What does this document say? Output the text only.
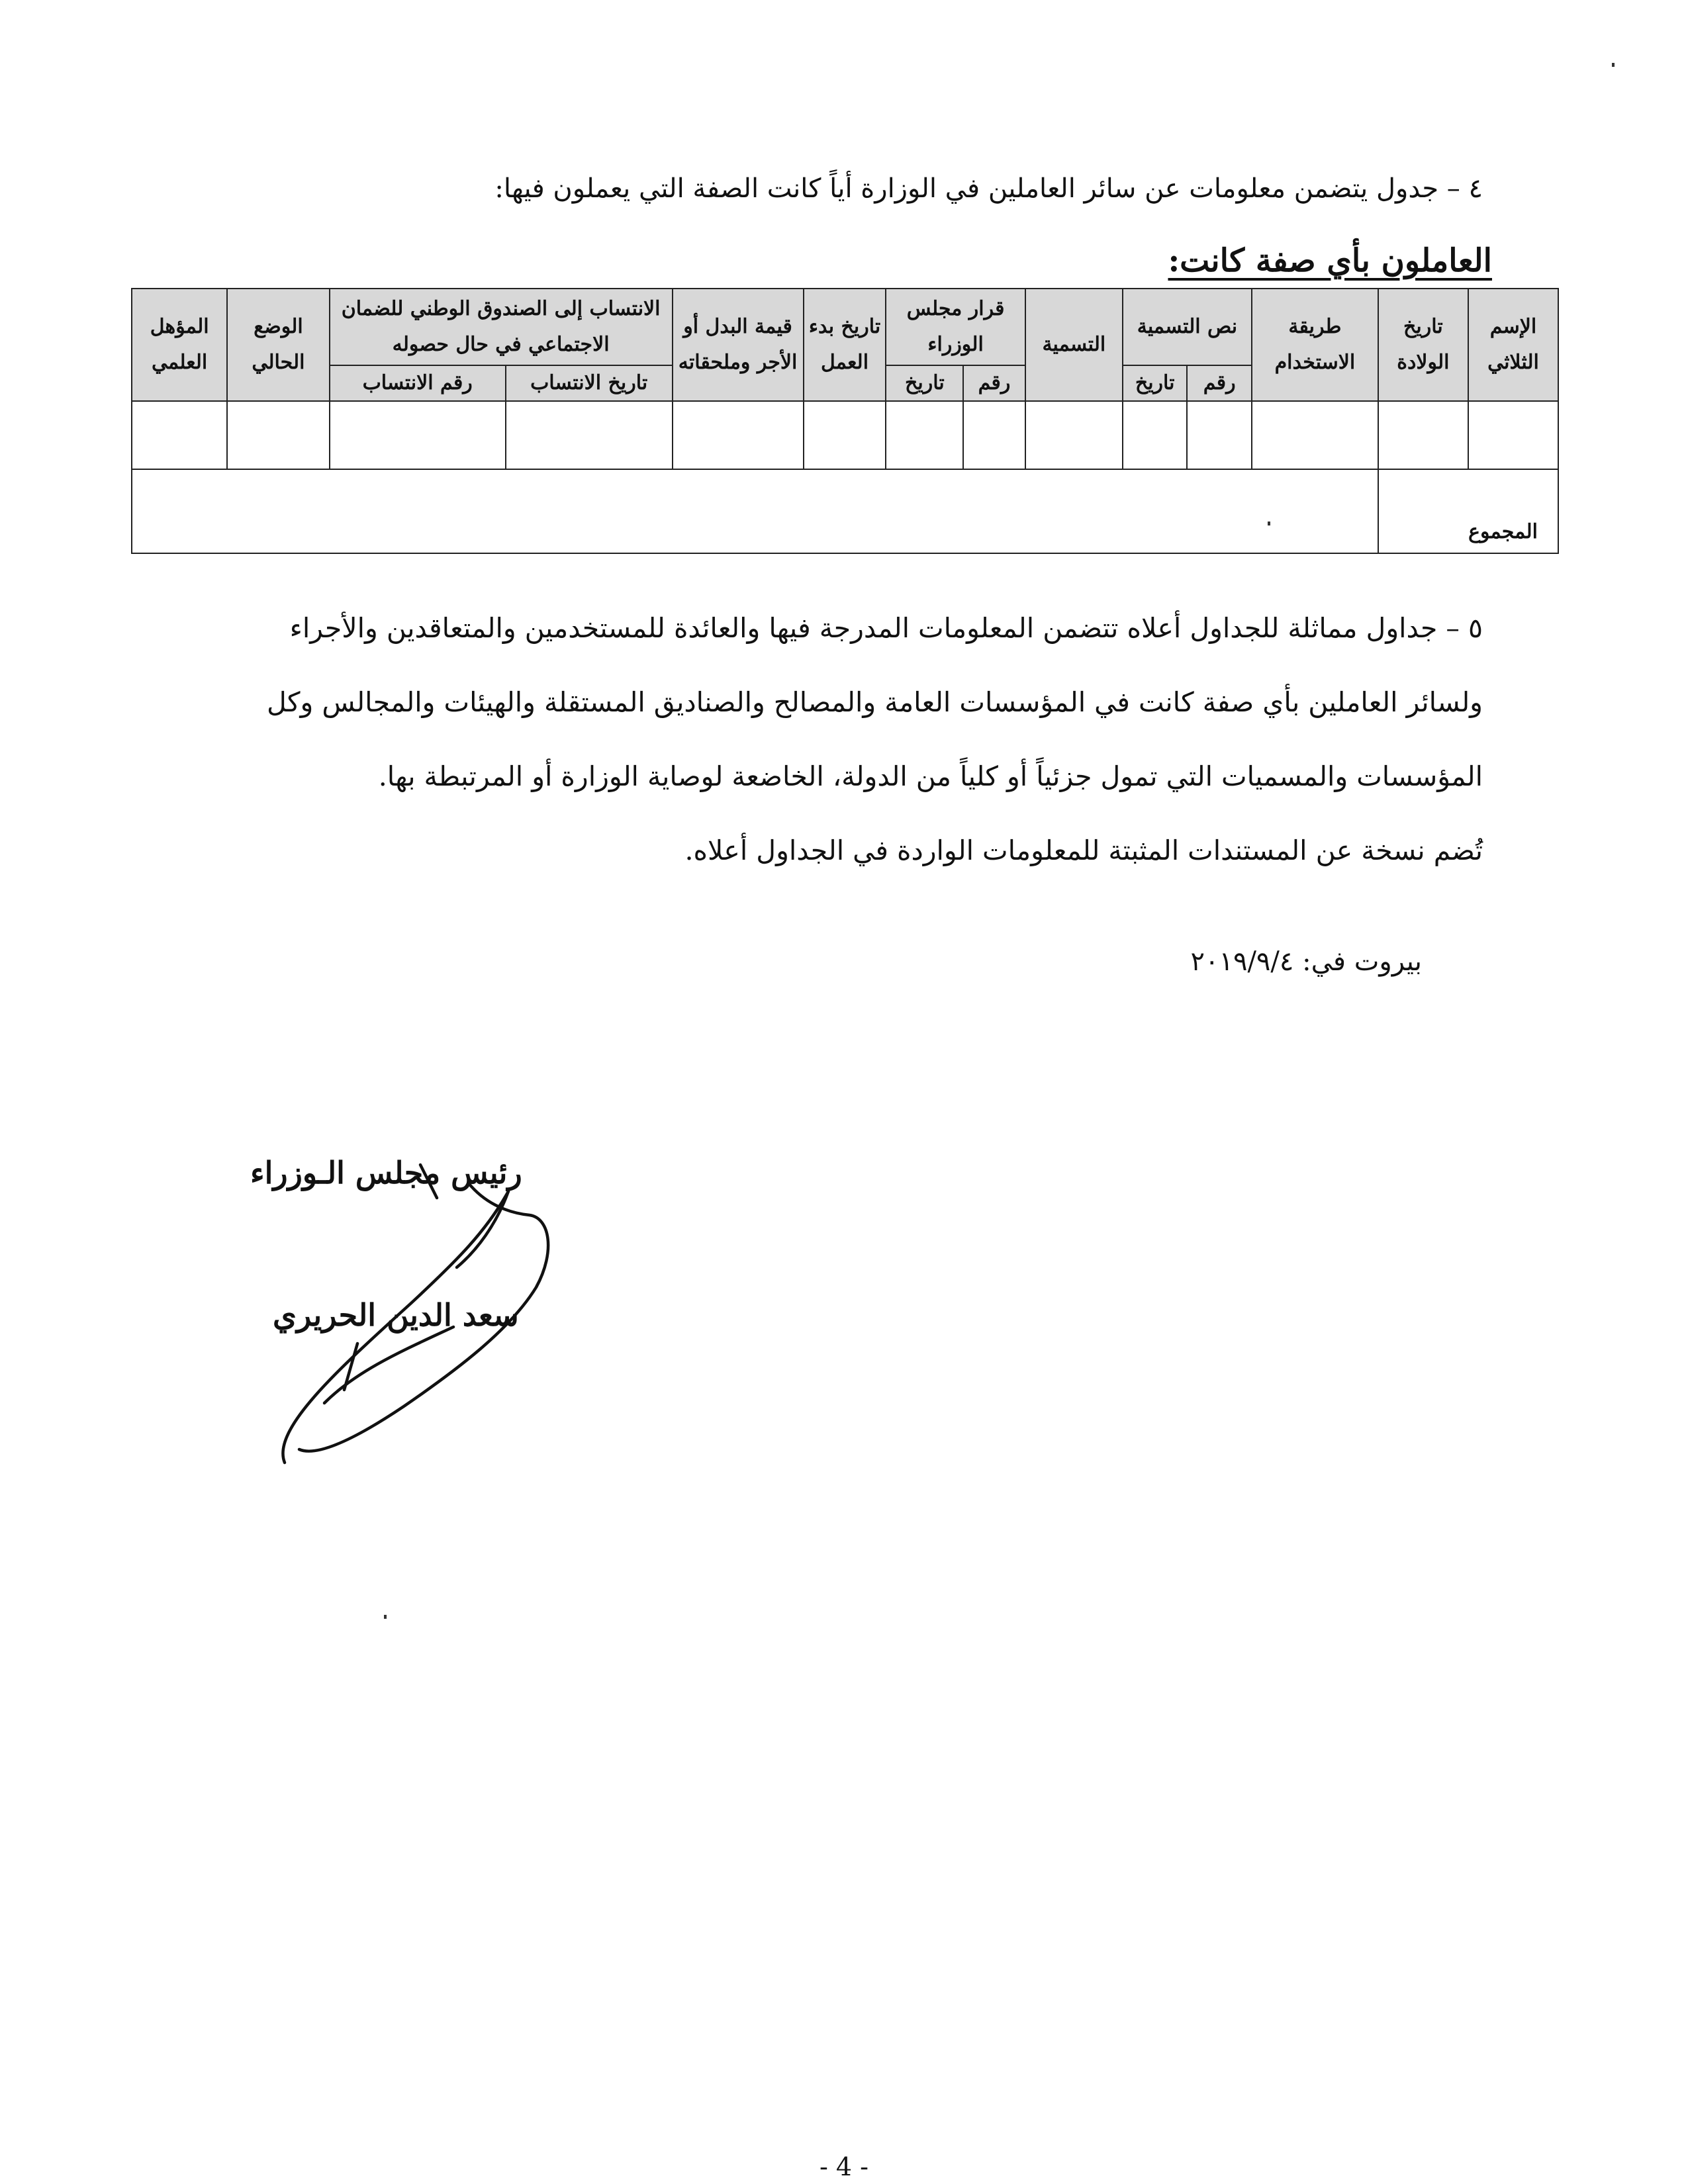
٤ – جدول يتضمن معلومات عن سائر العاملين في الوزارة أياً كانت الصفة التي يعملون فيها:
العاملون بأي صفة كانت:
الإسم الثلاثي	تاريخ الولادة	طريقة الاستخدام	نص التسمية		التسمية	قرار مجلس الوزراء		تاريخ بدء العمل	قيمة البدل أو الأجر وملحقاته	الانتساب إلى الصندوق الوطني للضمان الاجتماعي في حال حصوله		الوضع الحالي	المؤهل العلمي
			رقم	تاريخ		رقم	تاريخ			تاريخ الانتساب	رقم الانتساب		

المجموع													

٥ – جداول مماثلة للجداول أعلاه تتضمن المعلومات المدرجة فيها والعائدة للمستخدمين والمتعاقدين والأجراء

ولسائر العاملين بأي صفة كانت في المؤسسات العامة والمصالح والصناديق المستقلة والهيئات والمجالس وكل

المؤسسات والمسميات التي تمول جزئياً أو كلياً من الدولة، الخاضعة لوصاية الوزارة أو المرتبطة بها.

تُضم نسخة عن المستندات المثبتة للمعلومات الواردة في الجداول أعلاه.

بيروت في: ٢٠١٩/٩/٤
رئيس مجلس الـوزراء
سعد الدين الحريري
- 4 -
